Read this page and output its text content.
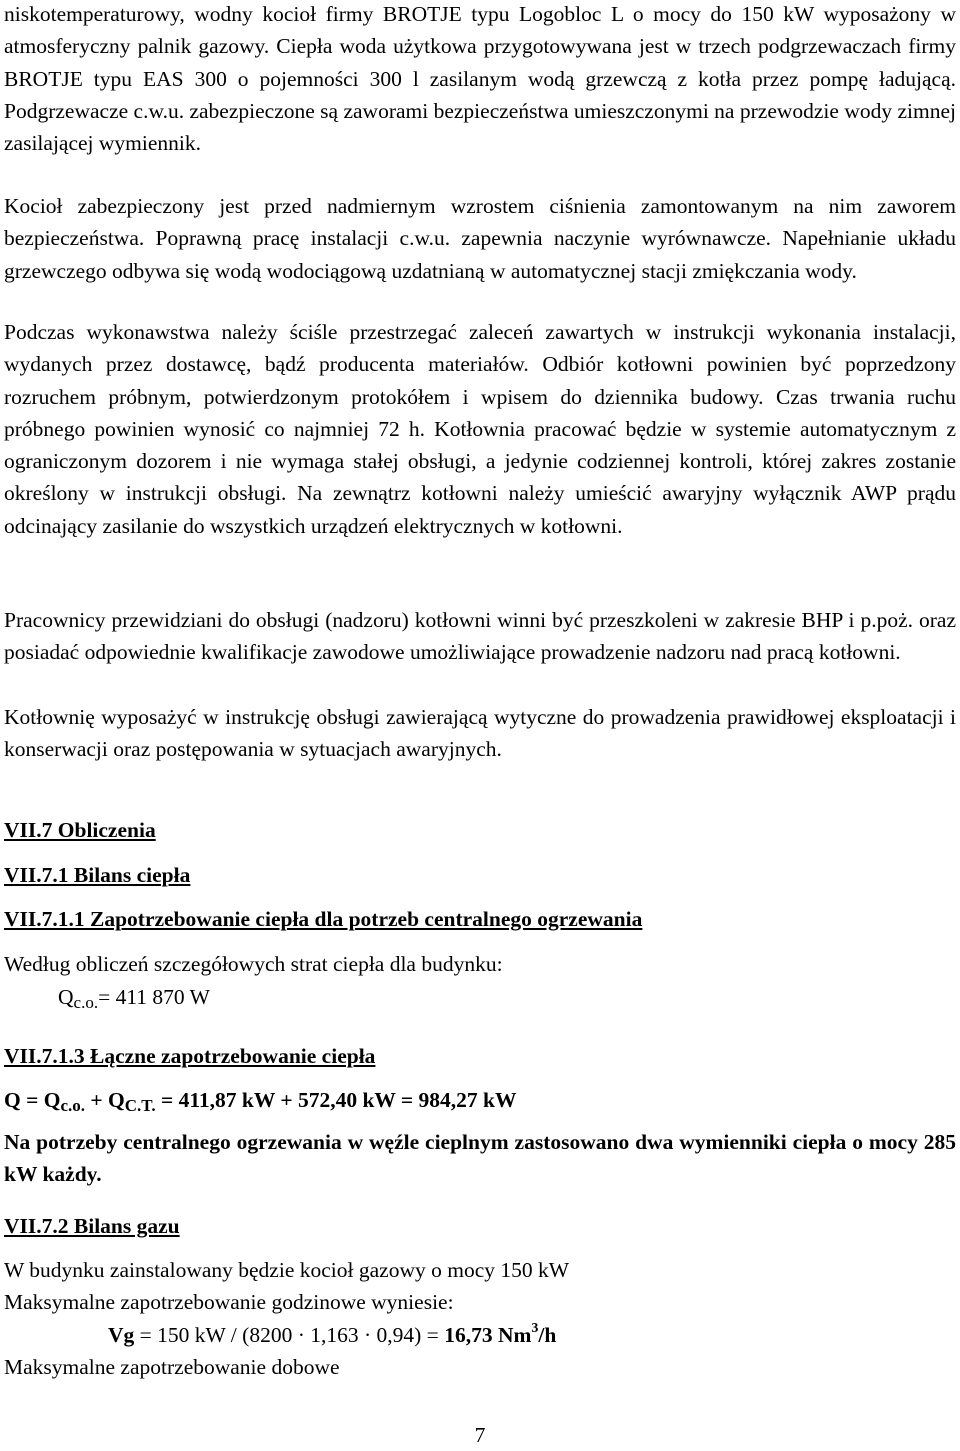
niskotemperaturowy, wodny kocioł firmy BROTJE typu Logobloc L o mocy do 150 kW wyposażony w atmosferyczny palnik gazowy. Ciepła woda użytkowa przygotowywana jest w trzech podgrzewaczach firmy BROTJE typu EAS 300 o pojemności 300 l zasilanym wodą grzewczą z kotła przez pompę ładującą. Podgrzewacze c.w.u. zabezpieczone są zaworami bezpieczeństwa umieszczonymi na przewodzie wody zimnej zasilającej wymiennik.

Kocioł zabezpieczony jest przed nadmiernym wzrostem ciśnienia zamontowanym na nim zaworem bezpieczeństwa. Poprawną pracę instalacji c.w.u. zapewnia naczynie wyrównawcze. Napełnianie układu grzewczego odbywa się wodą wodociągową uzdatnianą w automatycznej stacji zmiękczania wody.

Podczas wykonawstwa należy ściśle przestrzegać zaleceń zawartych w instrukcji wykonania instalacji, wydanych przez dostawcę, bądź producenta materiałów. Odbiór kotłowni powinien być poprzedzony rozruchem próbnym, potwierdzonym protokółem i wpisem do dziennika budowy. Czas trwania ruchu próbnego powinien wynosić co najmniej 72 h. Kotłownia pracować będzie w systemie automatycznym z ograniczonym dozorem i nie wymaga stałej obsługi, a jedynie codziennej kontroli, której zakres zostanie określony w instrukcji obsługi. Na zewnątrz kotłowni należy umieścić awaryjny wyłącznik AWP prądu odcinający zasilanie do wszystkich urządzeń elektrycznych w kotłowni.

Pracownicy przewidziani do obsługi (nadzoru) kotłowni winni być przeszkoleni w zakresie BHP i p.poż. oraz posiadać odpowiednie kwalifikacje zawodowe umożliwiające prowadzenie nadzoru nad pracą kotłowni.

Kotłownię wyposażyć w instrukcję obsługi zawierającą wytyczne do prowadzenia prawidłowej eksploatacji i konserwacji oraz postępowania w sytuacjach awaryjnych.

VII.7 Obliczenia

VII.7.1 Bilans ciepła

VII.7.1.1 Zapotrzebowanie ciepła dla potrzeb centralnego ogrzewania

Według obliczeń szczegółowych strat ciepła dla budynku:

$Q_{c.o.}= 411$ 870 W

VII.7.1.3 Łączne zapotrzebowanie ciepła

$Q = Q_{c.o.} + Q_{C.T.} = 411,87$ kW + 572,40 kW = 984,27 kW

Na potrzeby centralnego ogrzewania w węźle cieplnym zastosowano dwa wymienniki ciepła o mocy 285 kW każdy.

VII.7.2 Bilans gazu

W budynku zainstalowany będzie kocioł gazowy o mocy 150 kW

Maksymalne zapotrzebowanie godzinowe wyniesie:

Vg = 150 kW / (8200 · 1,163 · 0,94) = 16,73 Nm$^3$/h

Maksymalne zapotrzebowanie dobowe

7
